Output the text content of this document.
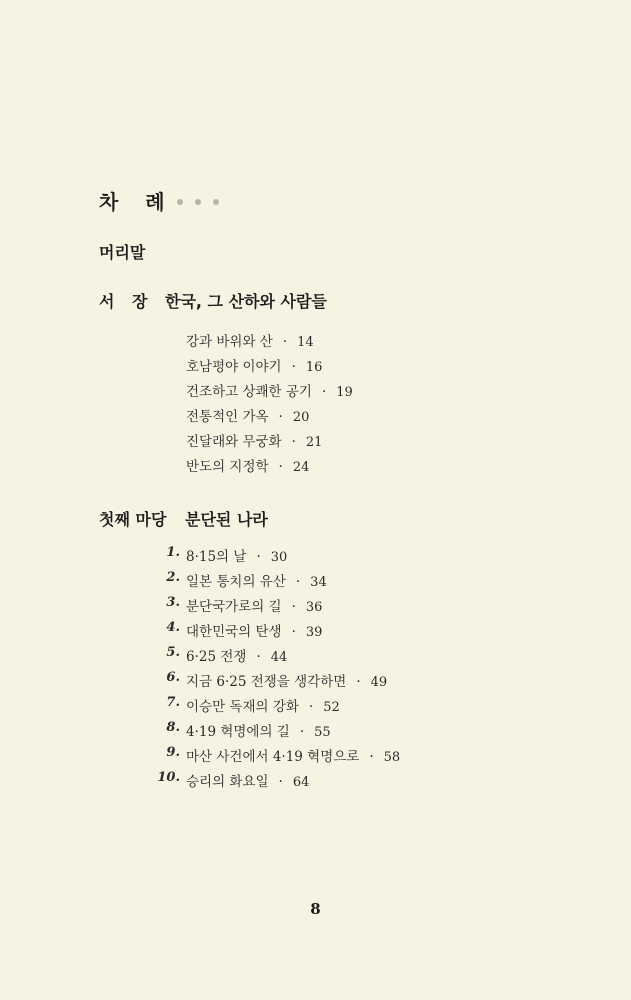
차 례
머리말
서 장 한국, 그 산하와 사람들
강과 바위와 산 · 14
호남평야 이야기 · 16
건조하고 상쾌한 공기 · 19
전통적인 가옥 · 20
진달래와 무궁화 · 21
반도의 지정학 · 24
첫째 마당	분단된 나라
1. 8·15의 날 · 30
2. 일본 통치의 유산 · 34
3. 분단국가로의 길 · 36
4. 대한민국의 탄생 · 39
5. 6·25 전쟁 · 44
6. 지금 6·25 전쟁을 생각하면 · 49
7. 이승만 독재의 강화 · 52
8. 4·19 혁명에의 길 · 55
9. 마산 사건에서 4·19 혁명으로 · 58
10. 승리의 화요일 · 64
8
